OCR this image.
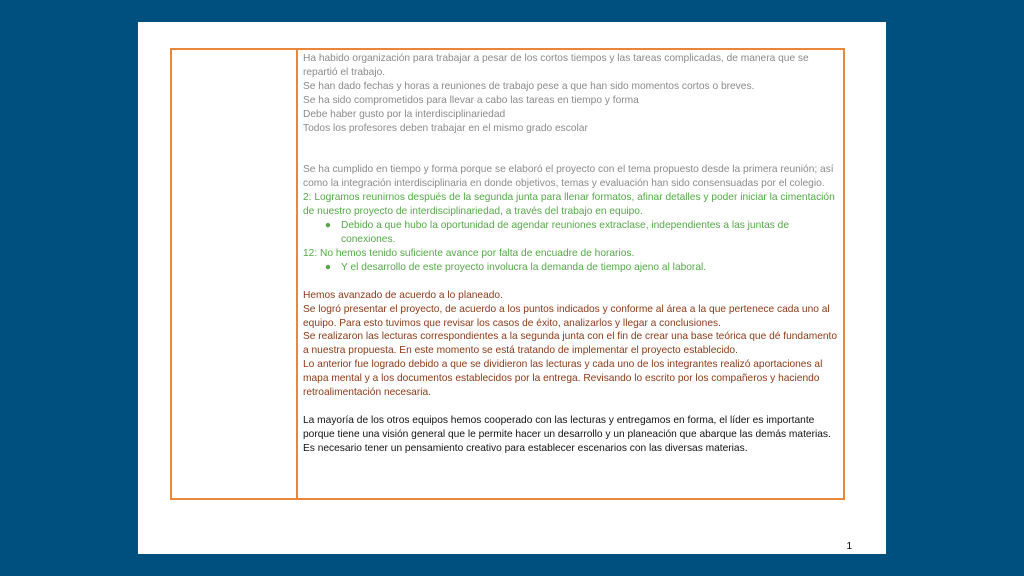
Ha habido organización para trabajar a pesar de los cortos tiempos y las tareas complicadas, de manera que se repartió el trabajo.

Se han dado fechas y horas a reuniones de trabajo pese a que han sido momentos cortos o breves.

Se ha sido comprometidos para llevar a cabo las tareas en tiempo y forma

Debe haber gusto por la interdisciplinariedad

Todos los profesores deben trabajar en el mismo grado escolar

Se ha cumplido en tiempo y forma porque se elaboró el proyecto con el tema propuesto desde la primera reunión; así como la integración interdisciplinaria en donde objetivos, temas y evaluación han sido consensuadas por el colegio.

2: Logramos reunirnos después de la segunda junta para llenar formatos, afinar detalles y poder iniciar la cimentación de nuestro proyecto de interdisciplinariedad, a través del trabajo en equipo.

● Debido a que hubo la oportunidad de agendar reuniones extraclase, independientes a las juntas de conexiones.

12: No hemos tenido suficiente avance por falta de encuadre de horarios.

● Y el desarrollo de este proyecto involucra la demanda de tiempo ajeno al laboral.

Hemos avanzado de acuerdo a lo planeado.

Se logró presentar el proyecto, de acuerdo a los puntos indicados y conforme al área a la que pertenece cada uno al equipo. Para esto tuvimos que revisar los casos de éxito, analizarlos y llegar a conclusiones.

Se realizaron las lecturas correspondientes a la segunda junta con el fin de crear una base teórica que dé fundamento a nuestra propuesta. En este momento se está tratando de implementar el proyecto establecido.

Lo anterior fue logrado debido a que se dividieron las lecturas y cada uno de los integrantes realizó aportaciones al mapa mental y a los documentos establecidos por la entrega. Revisando lo escrito por los compañeros y haciendo retroalimentación necesaria.

La mayoría de los otros equipos hemos cooperado con las lecturas y entregamos en forma, el líder es importante porque tiene una visión general que le permite hacer un desarrollo y un planeación que abarque las demás materias. Es necesario tener un pensamiento creativo para establecer escenarios con las diversas materias.

1
